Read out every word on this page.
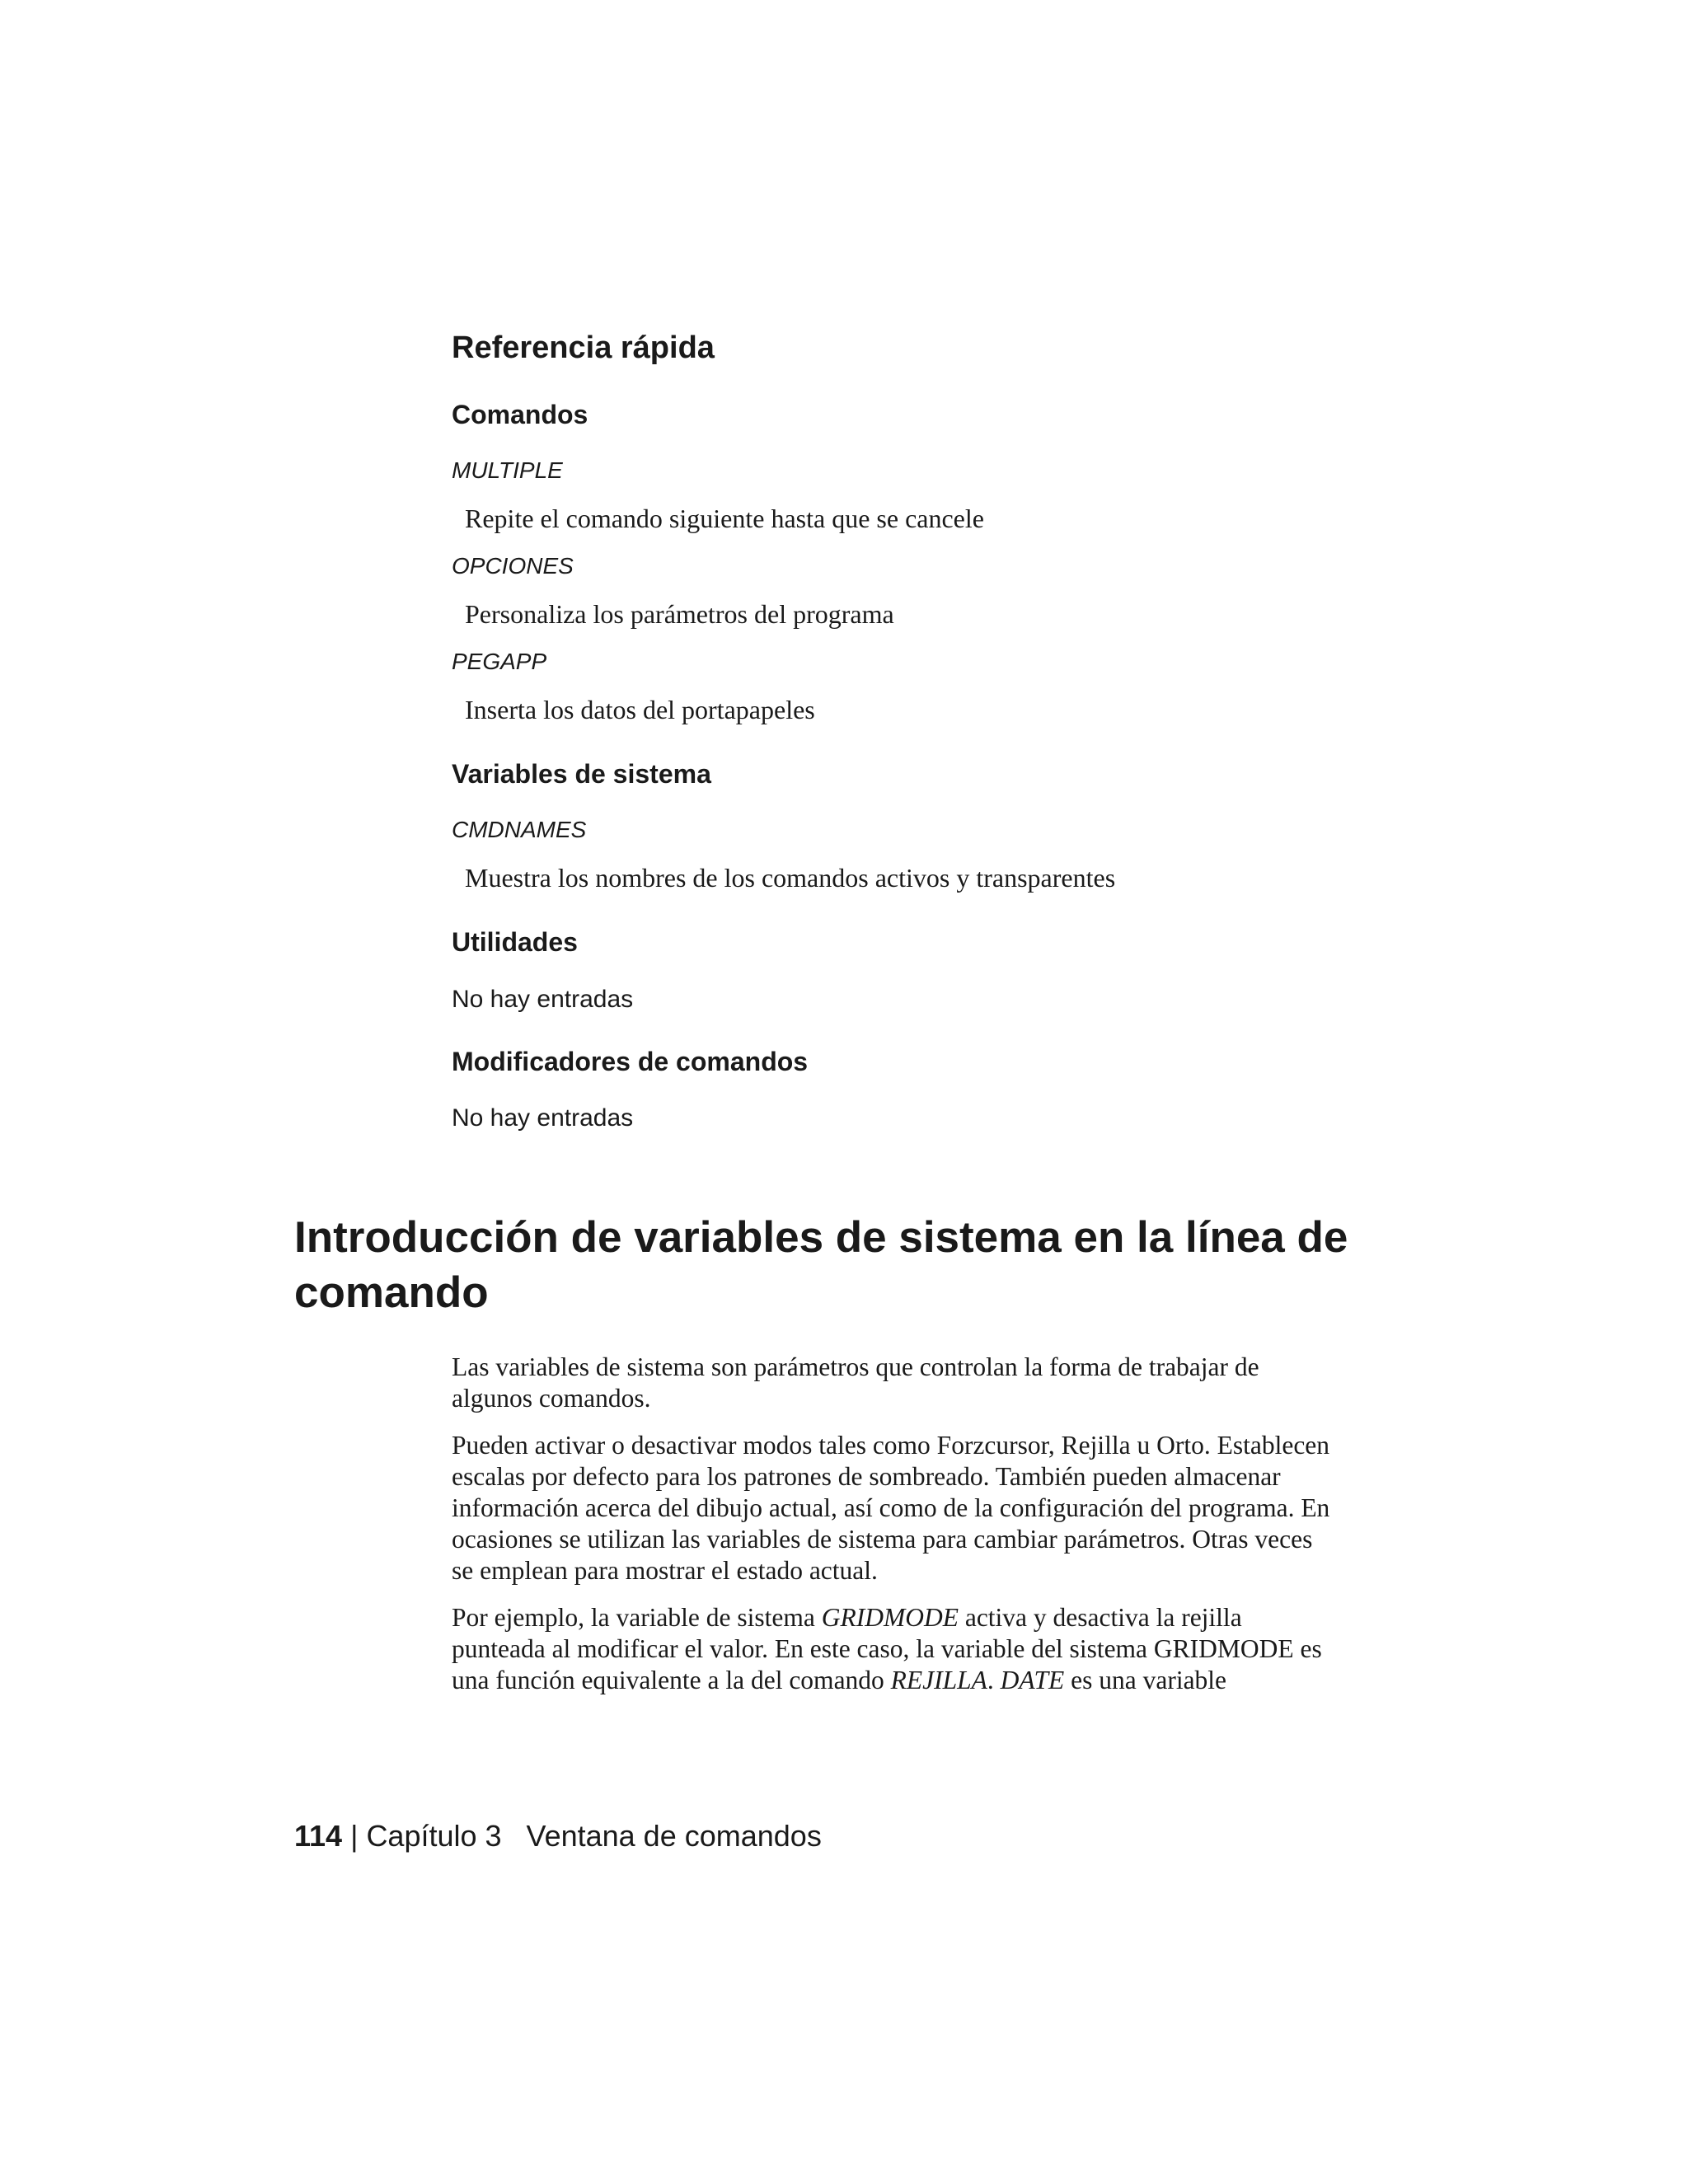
Referencia rápida
Comandos
MULTIPLE
Repite el comando siguiente hasta que se cancele
OPCIONES
Personaliza los parámetros del programa
PEGAPP
Inserta los datos del portapapeles
Variables de sistema
CMDNAMES
Muestra los nombres de los comandos activos y transparentes
Utilidades
No hay entradas
Modificadores de comandos
No hay entradas
Introducción de variables de sistema en la línea de comando

Las variables de sistema son parámetros que controlan la forma de trabajar de algunos comandos.

Pueden activar o desactivar modos tales como Forzcursor, Rejilla u Orto. Establecen escalas por defecto para los patrones de sombreado. También pueden almacenar información acerca del dibujo actual, así como de la configuración del programa. En ocasiones se utilizan las variables de sistema para cambiar parámetros. Otras veces se emplean para mostrar el estado actual.

Por ejemplo, la variable de sistema GRIDMODE activa y desactiva la rejilla punteada al modificar el valor. En este caso, la variable del sistema GRIDMODE es una función equivalente a la del comando REJILLA. DATE es una variable

114 | Capítulo 3 Ventana de comandos
